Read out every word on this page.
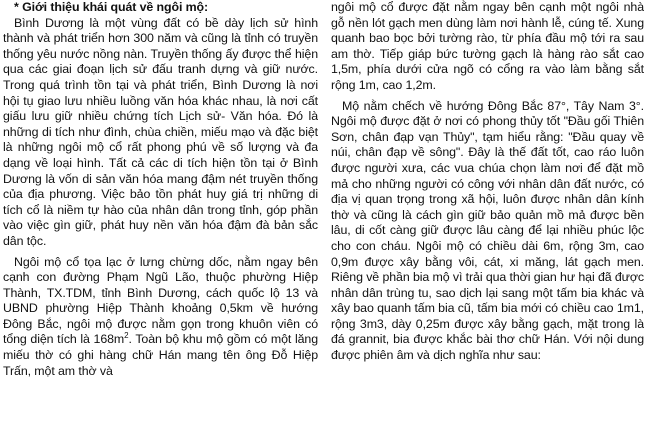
* Giới thiệu khái quát về ngôi mộ:

Bình Dương là một vùng đất có bề dày lịch sử hình thành và phát triển hơn 300 năm và cũng là tỉnh có truyền thống yêu nước nồng nàn. Truyền thống ấy được thể hiện qua các giai đoạn lịch sử đấu tranh dựng và giữ nước. Trong quá trình tồn tại và phát triển, Bình Dương là nơi hội tụ giao lưu nhiều luồng văn hóa khác nhau, là nơi cất giấu lưu giữ nhiều chứng tích Lịch sử- Văn hóa. Đó là những di tích như đình, chùa chiền, miếu mạo và đặc biệt là những ngôi mộ cổ rất phong phú về số lượng và đa dạng về loại hình. Tất cả các di tích hiện tồn tại ở Bình Dương là vốn di sản văn hóa mang đậm nét truyền thống của địa phương. Việc bảo tồn phát huy giá trị những di tích cổ là niềm tự hào của nhân dân trong tỉnh, góp phần vào việc gìn giữ, phát huy nền văn hóa đậm đà bản sắc dân tộc.

Ngôi mộ cổ tọa lạc ở lưng chừng dốc, nằm ngay bên cạnh con đường Phạm Ngũ Lão, thuộc phường Hiệp Thành, TX.TDM, tỉnh Bình Dương, cách quốc lộ 13 và UBND phường Hiệp Thành khoảng 0,5km về hướng Đông Bắc, ngôi mộ được nằm gọn trong khuôn viên có tổng diện tích là $168m^2$. Toàn bộ khu mộ gồm có một lăng miếu thờ có ghi hàng chữ Hán mang tên ông Đỗ Hiệp Trấn, một am thờ và

ngôi mộ cổ được đặt nằm ngay bên cạnh một ngôi nhà gỗ nền lót gạch men dùng làm nơi hành lễ, cúng tế. Xung quanh bao bọc bởi tường rào, từ phía đầu mộ tới ra sau am thờ. Tiếp giáp bức tường gạch là hàng rào sắt cao 1,5m, phía dưới cửa ngõ có cổng ra vào làm bằng sắt rộng 1m, cao 1,2m.

Mộ nằm chếch về hướng Đông Bắc 87°, Tây Nam 3°. Ngôi mộ được đặt ở nơi có phong thủy tốt "Đầu gối Thiên Sơn, chân đạp vạn Thủy", tạm hiểu rằng: "Đầu quay về núi, chân đạp về sông". Đây là thế đất tốt, cao ráo luôn được người xưa, các vua chúa chọn làm nơi để đặt mồ mả cho những người có công với nhân dân đất nước, có địa vị quan trọng trong xã hội, luôn được nhân dân kính thờ và cũng là cách gìn giữ bảo quản mồ mả được bền lâu, di cốt càng giữ được lâu càng để lại nhiều phúc lộc cho con cháu. Ngôi mộ có chiều dài 6m, rộng 3m, cao 0,9m được xây bằng vôi, cát, xi măng, lát gạch men. Riêng về phần bia mộ vì trải qua thời gian hư hại đã được nhân dân trùng tu, sao dịch lại sang một tấm bia khác và xây bao quanh tấm bia cũ, tấm bia mới có chiều cao 1m1, rộng 3m3, dày 0,25m được xây bằng gạch, mặt trong là đá grannit, bia được khắc bài thơ chữ Hán. Với nội dung được phiên âm và dịch nghĩa như sau:
